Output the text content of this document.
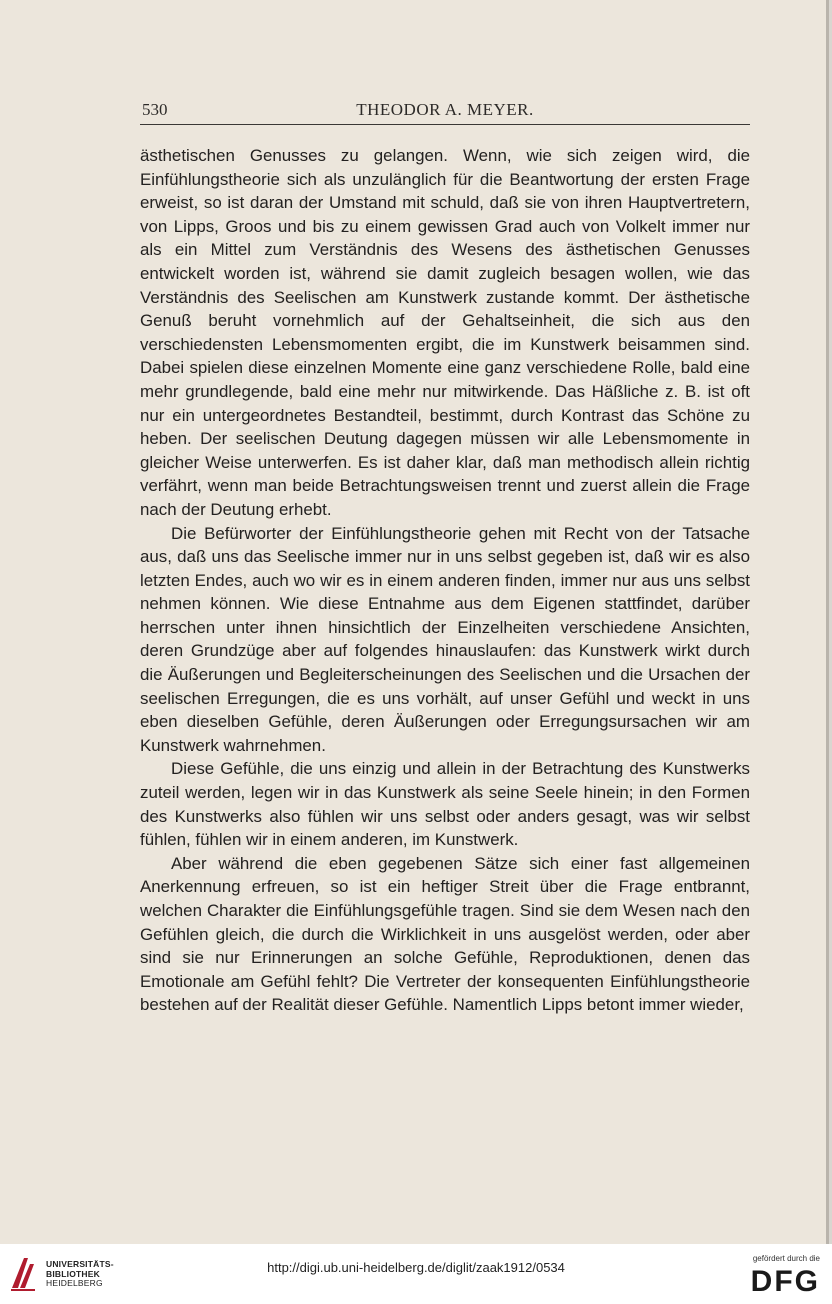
530	THEODOR A. MEYER.

ästhetischen Genusses zu gelangen. Wenn, wie sich zeigen wird, die Einfühlungstheorie sich als unzulänglich für die Beantwortung der ersten Frage erweist, so ist daran der Umstand mit schuld, daß sie von ihren Hauptvertretern, von Lipps, Groos und bis zu einem gewissen Grad auch von Volkelt immer nur als ein Mittel zum Verständnis des Wesens des ästhetischen Genusses entwickelt worden ist, während sie damit zugleich besagen wollen, wie das Verständnis des Seelischen am Kunstwerk zustande kommt. Der ästhetische Genuß beruht vornehmlich auf der Gehaltseinheit, die sich aus den verschiedensten Lebensmomenten ergibt, die im Kunstwerk beisammen sind. Dabei spielen diese einzelnen Momente eine ganz verschiedene Rolle, bald eine mehr grundlegende, bald eine mehr nur mitwirkende. Das Häßliche z. B. ist oft nur ein untergeordnetes Bestandteil, bestimmt, durch Kontrast das Schöne zu heben. Der seelischen Deutung dagegen müssen wir alle Lebensmomente in gleicher Weise unterwerfen. Es ist daher klar, daß man methodisch allein richtig verfährt, wenn man beide Betrachtungsweisen trennt und zuerst allein die Frage nach der Deutung erhebt.

Die Befürworter der Einfühlungstheorie gehen mit Recht von der Tatsache aus, daß uns das Seelische immer nur in uns selbst gegeben ist, daß wir es also letzten Endes, auch wo wir es in einem anderen finden, immer nur aus uns selbst nehmen können. Wie diese Entnahme aus dem Eigenen stattfindet, darüber herrschen unter ihnen hinsichtlich der Einzelheiten verschiedene Ansichten, deren Grundzüge aber auf folgendes hinauslaufen: das Kunstwerk wirkt durch die Äußerungen und Begleiterscheinungen des Seelischen und die Ursachen der seelischen Erregungen, die es uns vorhält, auf unser Gefühl und weckt in uns eben dieselben Gefühle, deren Äußerungen oder Erregungsursachen wir am Kunstwerk wahrnehmen.

Diese Gefühle, die uns einzig und allein in der Betrachtung des Kunstwerks zuteil werden, legen wir in das Kunstwerk als seine Seele hinein; in den Formen des Kunstwerks also fühlen wir uns selbst oder anders gesagt, was wir selbst fühlen, fühlen wir in einem anderen, im Kunstwerk.

Aber während die eben gegebenen Sätze sich einer fast allgemeinen Anerkennung erfreuen, so ist ein heftiger Streit über die Frage entbrannt, welchen Charakter die Einfühlungsgefühle tragen. Sind sie dem Wesen nach den Gefühlen gleich, die durch die Wirklichkeit in uns ausgelöst werden, oder aber sind sie nur Erinnerungen an solche Gefühle, Reproduktionen, denen das Emotionale am Gefühl fehlt? Die Vertreter der konsequenten Einfühlungstheorie bestehen auf der Realität dieser Gefühle. Namentlich Lipps betont immer wieder,

UNIVERSITÄTS-
BIBLIOTHEK
HEIDELBERG
http://digi.ub.uni-heidelberg.de/diglit/zaak1912/0534
gefördert durch die
DFG
